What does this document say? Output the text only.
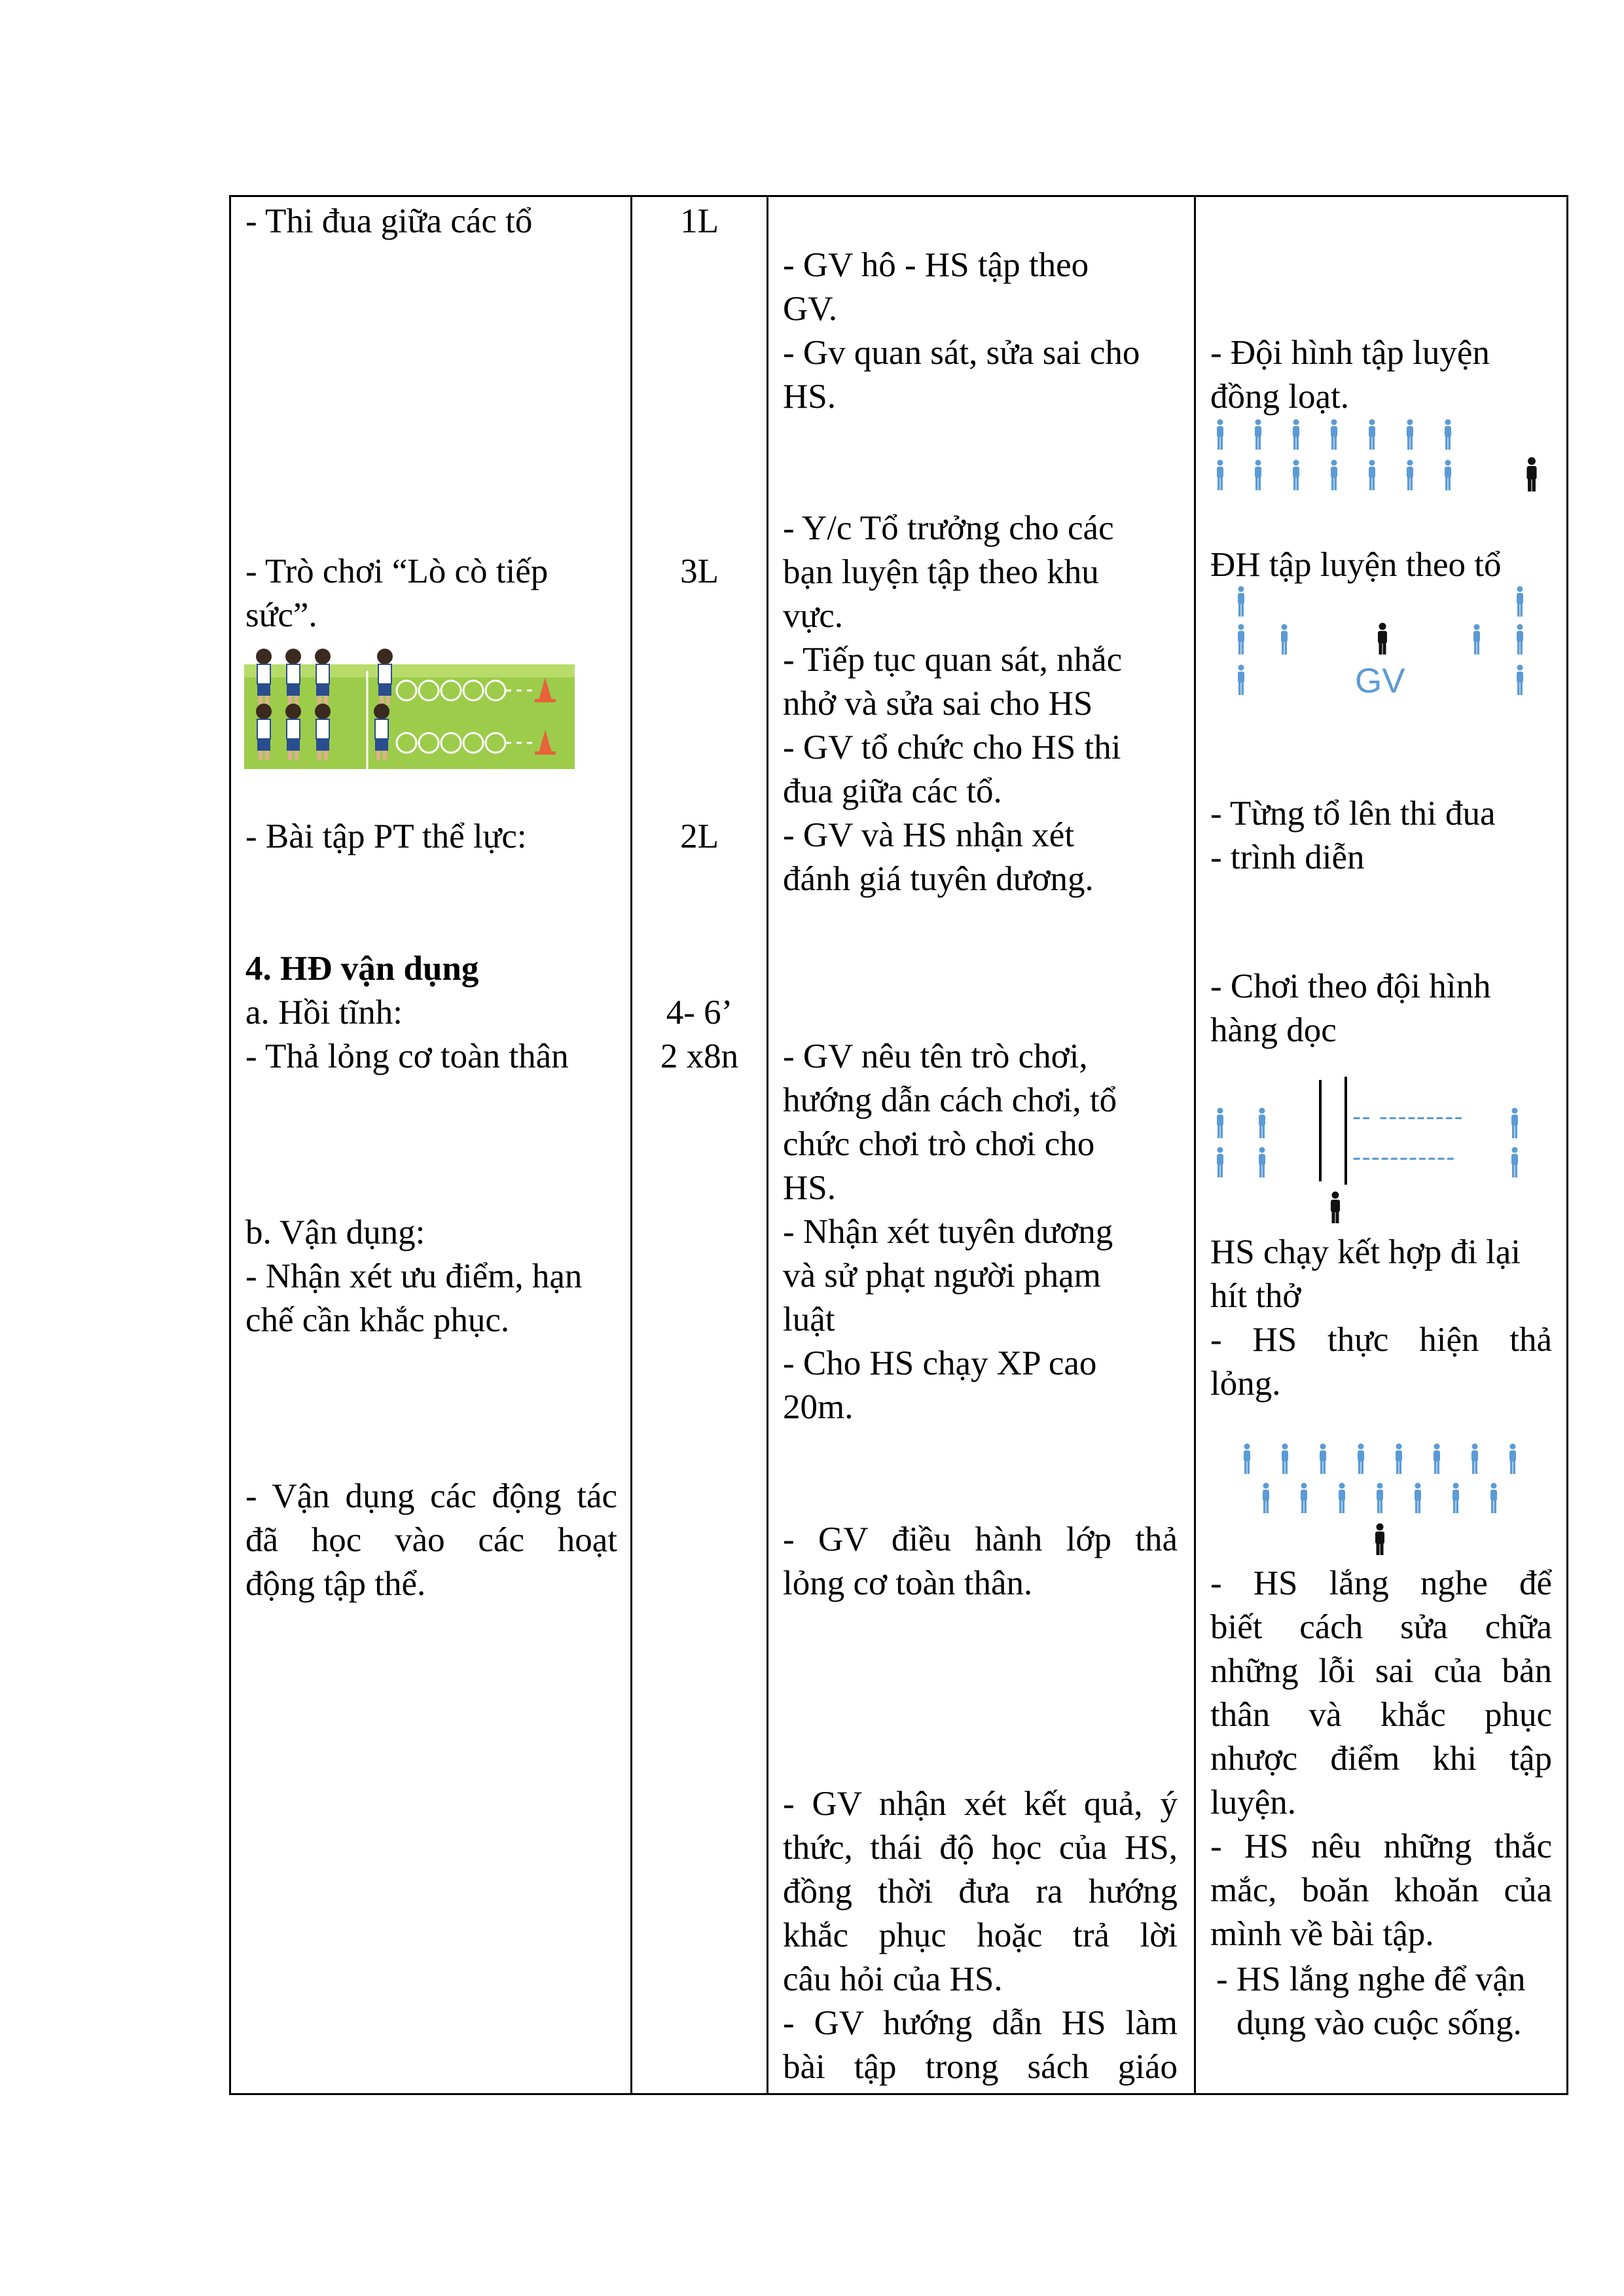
- Thi đua giữa các tổ
- Trò chơi “Lò cò tiếp
sức”.
- Bài tập PT thể lực:
4. HĐ vận dụng
a. Hồi tĩnh:
- Thả lỏng cơ toàn thân
b. Vận dụng:
- Nhận xét ưu điểm, hạn
chế cần khắc phục.
- Vận dụng các động tác
đã học vào các hoạt
động tập thể.
1L
3L
2L
4- 6’
2 x8n
- GV hô - HS tập theo
GV.
- Gv quan sát, sửa sai cho
HS.
- Y/c Tổ trưởng cho các
bạn luyện tập theo khu
vực.
- Tiếp tục quan sát, nhắc
nhở và sửa sai cho HS
- GV tổ chức cho HS thi
đua giữa các tổ.
- GV và HS nhận xét
đánh giá tuyên dương.
- GV nêu tên trò chơi,
hướng dẫn cách chơi, tổ
chức chơi trò chơi cho
HS.
- Nhận xét tuyên dương
và sử phạt người phạm
luật
- Cho HS chạy XP cao
20m.
- GV điều hành lớp thả
lỏng cơ toàn thân.
- GV nhận xét kết quả, ý
thức, thái độ học của HS,
đồng thời đưa ra hướng
khắc phục hoặc trả lời
câu hỏi của HS.
- GV hướng dẫn HS làm
bài tập trong sách giáo
- Đội hình tập luyện
đồng loạt.
ĐH tập luyện theo tổ
GV
- Từng tổ lên thi đua
- trình diễn
- Chơi theo đội hình
hàng dọc
-- ---------
-----------
HS chạy kết hợp đi lại
hít thở
- HS thực hiện thả
lỏng.
- HS lắng nghe để
biết cách sửa chữa
những lỗi sai của bản
thân và khắc phục
nhược điểm khi tập
luyện.
- HS nêu những thắc
mắc, boăn khoăn của
mình về bài tập.
- HS lắng nghe để vận
dụng vào cuộc sống.
